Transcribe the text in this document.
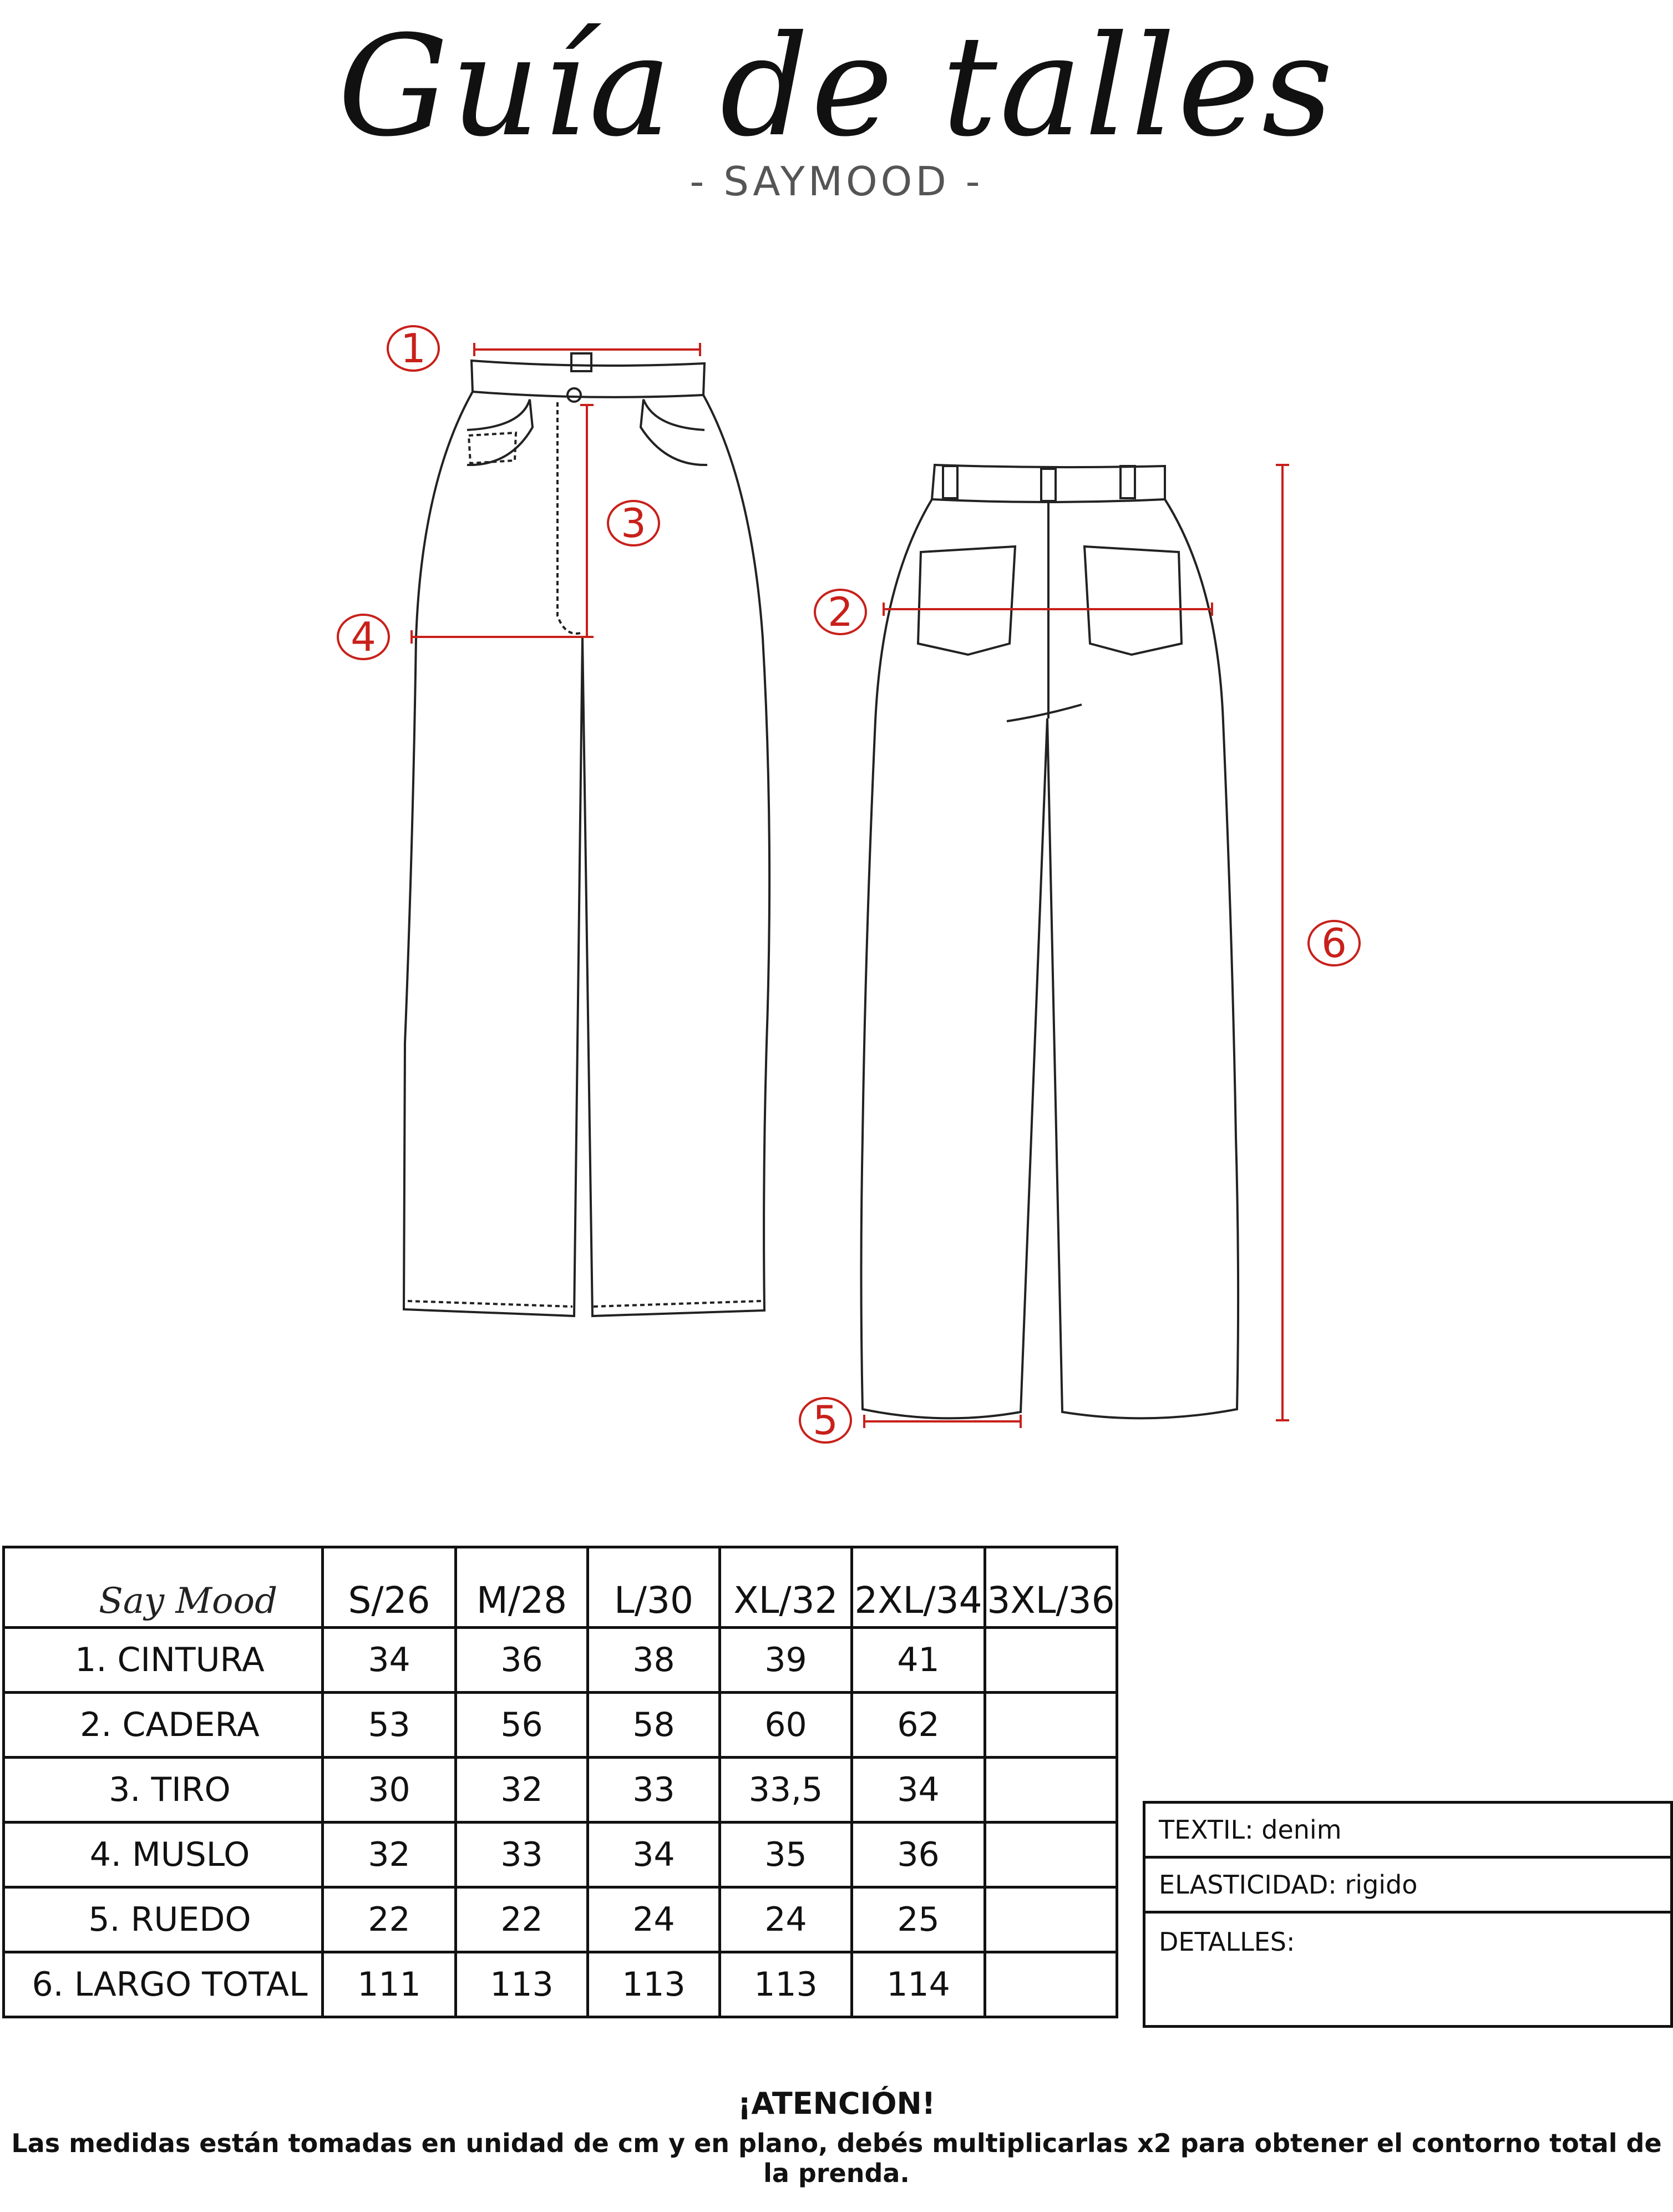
Guía de talles
- SAYMOOD -
1
2
3
4
5
6
Say Mood	S/26	M/28	L/30	XL/32	2XL/34	3XL/36
1. CINTURA	34	36	38	39	41	
2. CADERA	53	56	58	60	62	
3. TIRO	30	32	33	33,5	34	
4. MUSLO	32	33	34	35	36	
5. RUEDO	22	22	24	24	25	
6. LARGO TOTAL	111	113	113	113	114	
TEXTIL: denim
ELASTICIDAD: rigido
DETALLES:
¡ATENCIÓN!
Las medidas están tomadas en unidad de cm y en plano, debés multiplicarlas x2 para obtener el contorno total de la prenda.
